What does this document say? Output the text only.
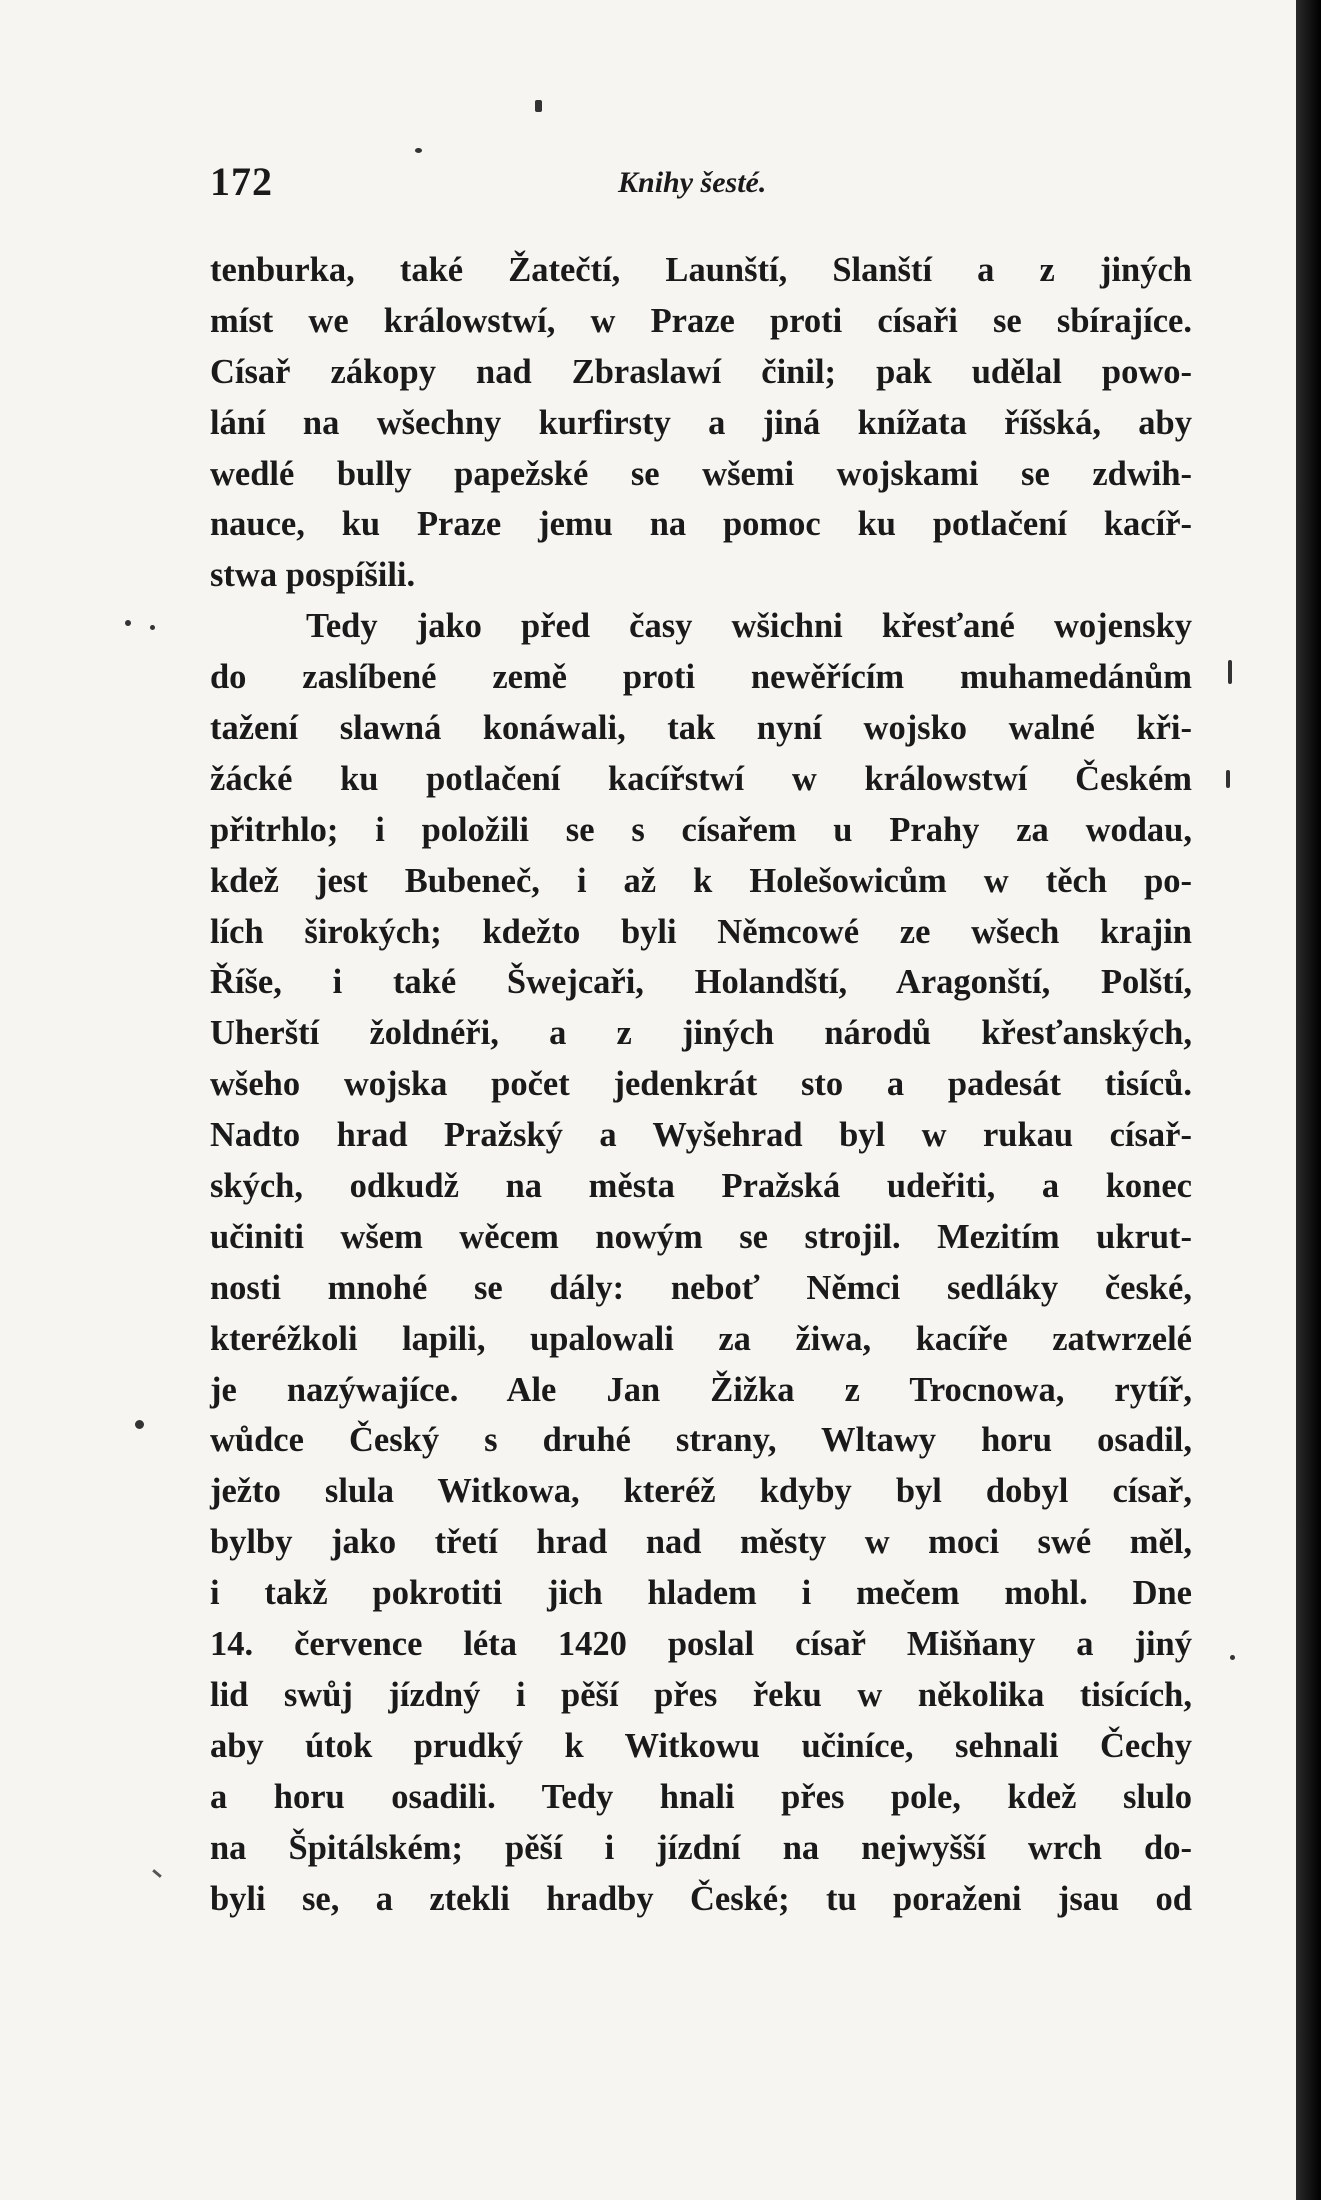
172	Knihy šesté.
tenburka, také Žatečtí, Launští, Slanští a z jiných
míst we králowstwí, w Praze proti císaři se sbírajíce.
Císař zákopy nad Zbraslawí činil; pak udělal powo-
lání na wšechny kurfirsty a jiná knížata říšská, aby
wedlé bully papežské se wšemi wojskami se zdwih-
nauce, ku Praze jemu na pomoc ku potlačení kacíř-
stwa pospíšili.
Tedy jako před časy wšichni křesťané wojensky
do zaslíbené země proti newěřícím muhamedánům
tažení slawná konáwali, tak nyní wojsko walné kři-
žácké ku potlačení kacířstwí w králowstwí Českém
přitrhlo; i položili se s císařem u Prahy za wodau,
kdež jest Bubeneč, i až k Holešowicům w těch po-
lích širokých; kdežto byli Němcowé ze wšech krajin
Říše, i také Šwejcaři, Holandští, Aragonští, Polští,
Uherští žoldnéři, a z jiných národů křesťanských,
wšeho wojska počet jedenkrát sto a padesát tisíců.
Nadto hrad Pražský a Wyšehrad byl w rukau císař-
ských, odkudž na města Pražská udeřiti, a konec
učiniti wšem wěcem nowým se strojil. Mezitím ukrut-
nosti mnohé se dály: neboť Němci sedláky české,
kteréžkoli lapili, upalowali za žiwa, kacíře zatwrzelé
je nazýwajíce. Ale Jan Žižka z Trocnowa, rytíř,
wůdce Český s druhé strany, Wltawy horu osadil,
ježto slula Witkowa, kteréž kdyby byl dobyl císař,
bylby jako třetí hrad nad městy w moci swé měl,
i takž pokrotiti jich hladem i mečem mohl. Dne
14. července léta 1420 poslal císař Mišňany a jiný
lid swůj jízdný i pěší přes řeku w několika tisících,
aby útok prudký k Witkowu učiníce, sehnali Čechy
a horu osadili. Tedy hnali přes pole, kdež slulo
na Špitálském; pěší i jízdní na nejwyšší wrch do-
byli se, a ztekli hradby České; tu poraženi jsau od
